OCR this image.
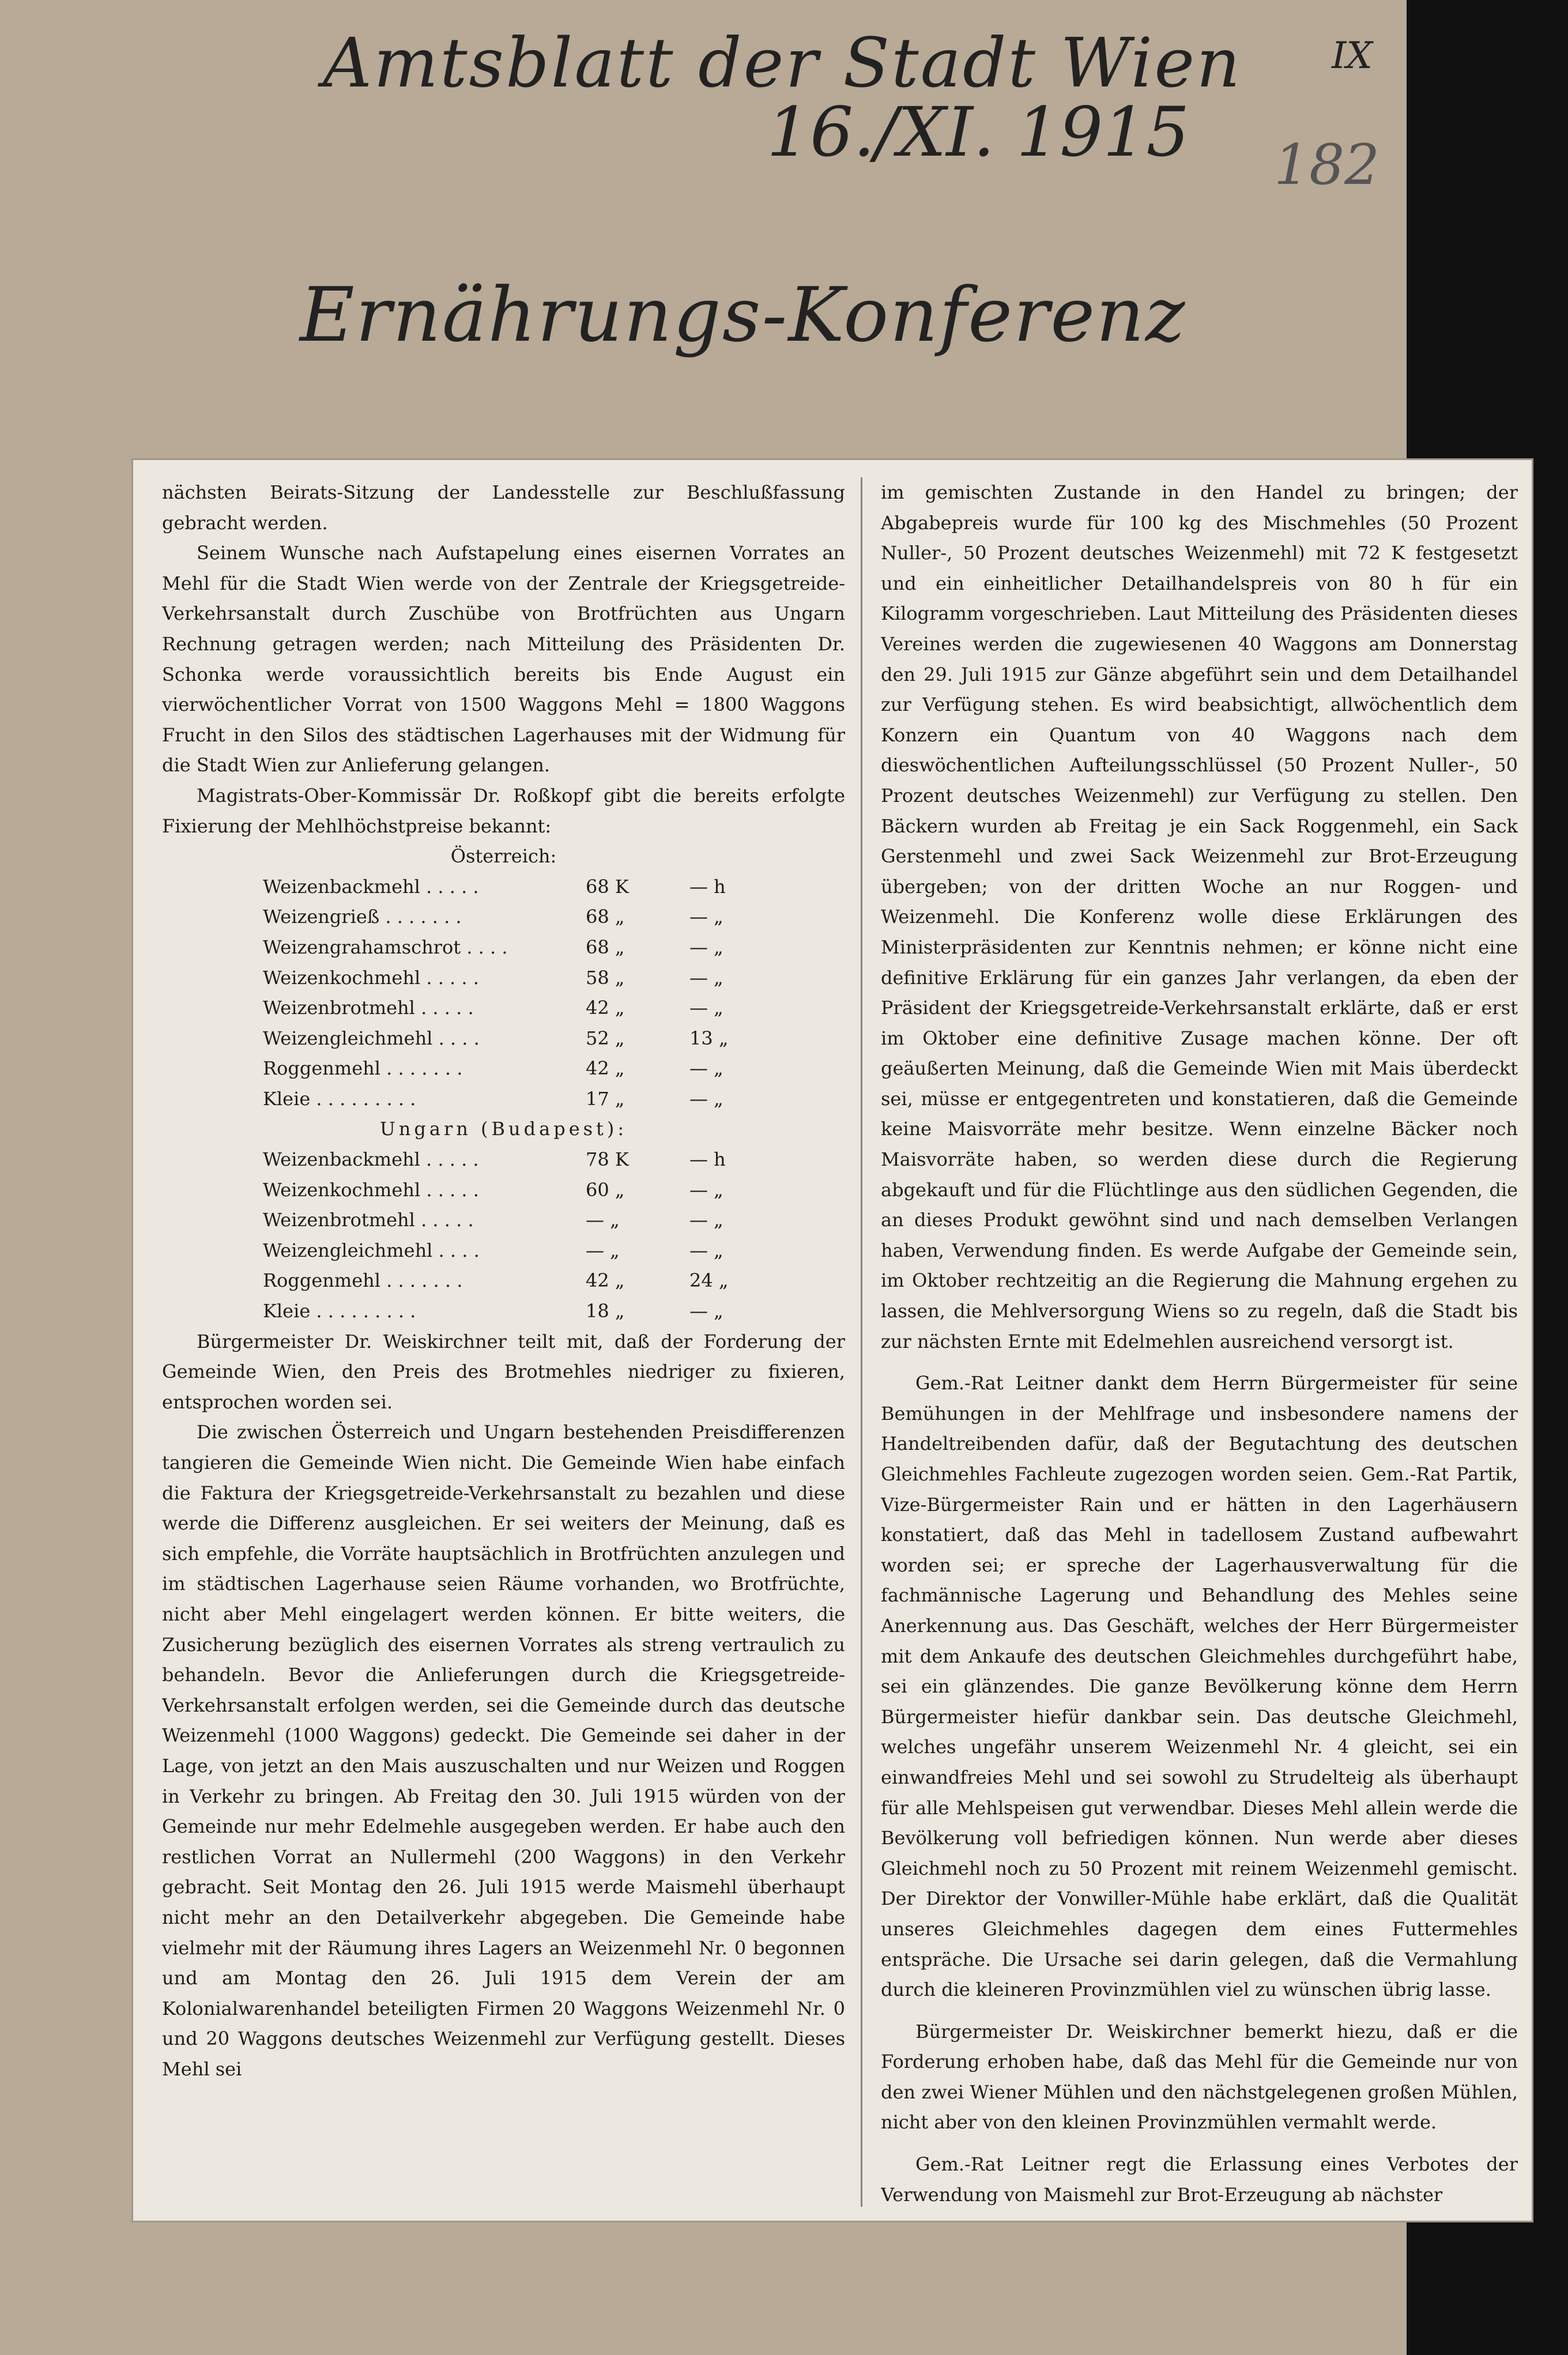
Amtsblatt der Stadt Wien
16./XI. 1915
IX
182
Ernährungs-Konferenz

nächsten Beirats-Sitzung der Landesstelle zur Beschlußfassung gebracht werden.

Seinem Wunsche nach Aufstapelung eines eisernen Vorrates an Mehl für die Stadt Wien werde von der Zentrale der Kriegsgetreide-Verkehrsanstalt durch Zuschübe von Brotfrüchten aus Ungarn Rechnung getragen werden; nach Mitteilung des Präsidenten Dr. Schonka werde voraussichtlich bereits bis Ende August ein vierwöchentlicher Vorrat von 1500 Waggons Mehl = 1800 Waggons Frucht in den Silos des städtischen Lagerhauses mit der Widmung für die Stadt Wien zur Anlieferung gelangen.

Magistrats-Ober-Kommissär Dr. Roßkopf gibt die bereits erfolgte Fixierung der Mehlhöchstpreise bekannt:

Österreich:

Weizenbackmehl . . . . .	68 K	— h
Weizengrieß . . . . . . .	68 „	— „
Weizengrahamschrot . . . .	68 „	— „
Weizenkochmehl . . . . .	58 „	— „
Weizenbrotmehl . . . . .	42 „	— „
Weizengleichmehl . . . .	52 „	13 „
Roggenmehl . . . . . . .	42 „	— „
Kleie . . . . . . . . .	17 „	— „

Ungarn (Budapest):

Weizenbackmehl . . . . .	78 K	— h
Weizenkochmehl . . . . .	60 „	— „
Weizenbrotmehl . . . . .	— „	— „
Weizengleichmehl . . . .	— „	— „
Roggenmehl . . . . . . .	42 „	24 „
Kleie . . . . . . . . .	18 „	— „

Bürgermeister Dr. Weiskirchner teilt mit, daß der Forderung der Gemeinde Wien, den Preis des Brotmehles niedriger zu fixieren, entsprochen worden sei.

Die zwischen Österreich und Ungarn bestehenden Preisdifferenzen tangieren die Gemeinde Wien nicht. Die Gemeinde Wien habe einfach die Faktura der Kriegsgetreide-Verkehrsanstalt zu bezahlen und diese werde die Differenz ausgleichen. Er sei weiters der Meinung, daß es sich empfehle, die Vorräte hauptsächlich in Brotfrüchten anzulegen und im städtischen Lagerhause seien Räume vorhanden, wo Brotfrüchte, nicht aber Mehl eingelagert werden können. Er bitte weiters, die Zusicherung bezüglich des eisernen Vorrates als streng vertraulich zu behandeln. Bevor die Anlieferungen durch die Kriegsgetreide-Verkehrsanstalt erfolgen werden, sei die Gemeinde durch das deutsche Weizenmehl (1000 Waggons) gedeckt. Die Gemeinde sei daher in der Lage, von jetzt an den Mais auszuschalten und nur Weizen und Roggen in Verkehr zu bringen. Ab Freitag den 30. Juli 1915 würden von der Gemeinde nur mehr Edelmehle ausgegeben werden. Er habe auch den restlichen Vorrat an Nullermehl (200 Waggons) in den Verkehr gebracht. Seit Montag den 26. Juli 1915 werde Maismehl überhaupt nicht mehr an den Detailverkehr abgegeben. Die Gemeinde habe vielmehr mit der Räumung ihres Lagers an Weizenmehl Nr. 0 begonnen und am Montag den 26. Juli 1915 dem Verein der am Kolonialwarenhandel beteiligten Firmen 20 Waggons Weizenmehl Nr. 0 und 20 Waggons deutsches Weizenmehl zur Verfügung gestellt. Dieses Mehl sei

im gemischten Zustande in den Handel zu bringen; der Abgabepreis wurde für 100 kg des Mischmehles (50 Prozent Nuller-, 50 Prozent deutsches Weizenmehl) mit 72 K festgesetzt und ein einheitlicher Detailhandelspreis von 80 h für ein Kilogramm vorgeschrieben. Laut Mitteilung des Präsidenten dieses Vereines werden die zugewiesenen 40 Waggons am Donnerstag den 29. Juli 1915 zur Gänze abgeführt sein und dem Detailhandel zur Verfügung stehen. Es wird beabsichtigt, allwöchentlich dem Konzern ein Quantum von 40 Waggons nach dem dieswöchentlichen Aufteilungsschlüssel (50 Prozent Nuller-, 50 Prozent deutsches Weizenmehl) zur Verfügung zu stellen. Den Bäckern wurden ab Freitag je ein Sack Roggenmehl, ein Sack Gerstenmehl und zwei Sack Weizenmehl zur Brot-Erzeugung übergeben; von der dritten Woche an nur Roggen- und Weizenmehl. Die Konferenz wolle diese Erklärungen des Ministerpräsidenten zur Kenntnis nehmen; er könne nicht eine definitive Erklärung für ein ganzes Jahr verlangen, da eben der Präsident der Kriegsgetreide-Verkehrsanstalt erklärte, daß er erst im Oktober eine definitive Zusage machen könne. Der oft geäußerten Meinung, daß die Gemeinde Wien mit Mais überdeckt sei, müsse er entgegentreten und konstatieren, daß die Gemeinde keine Maisvorräte mehr besitze. Wenn einzelne Bäcker noch Maisvorräte haben, so werden diese durch die Regierung abgekauft und für die Flüchtlinge aus den südlichen Gegenden, die an dieses Produkt gewöhnt sind und nach demselben Verlangen haben, Verwendung finden. Es werde Aufgabe der Gemeinde sein, im Oktober rechtzeitig an die Regierung die Mahnung ergehen zu lassen, die Mehlversorgung Wiens so zu regeln, daß die Stadt bis zur nächsten Ernte mit Edelmehlen ausreichend versorgt ist.

Gem.-Rat Leitner dankt dem Herrn Bürgermeister für seine Bemühungen in der Mehlfrage und insbesondere namens der Handeltreibenden dafür, daß der Begutachtung des deutschen Gleichmehles Fachleute zugezogen worden seien. Gem.-Rat Partik, Vize-Bürgermeister Rain und er hätten in den Lagerhäusern konstatiert, daß das Mehl in tadellosem Zustand aufbewahrt worden sei; er spreche der Lagerhausverwaltung für die fachmännische Lagerung und Behandlung des Mehles seine Anerkennung aus. Das Geschäft, welches der Herr Bürgermeister mit dem Ankaufe des deutschen Gleichmehles durchgeführt habe, sei ein glänzendes. Die ganze Bevölkerung könne dem Herrn Bürgermeister hiefür dankbar sein. Das deutsche Gleichmehl, welches ungefähr unserem Weizenmehl Nr. 4 gleicht, sei ein einwandfreies Mehl und sei sowohl zu Strudelteig als überhaupt für alle Mehlspeisen gut verwendbar. Dieses Mehl allein werde die Bevölkerung voll befriedigen können. Nun werde aber dieses Gleichmehl noch zu 50 Prozent mit reinem Weizenmehl gemischt. Der Direktor der Vonwiller-Mühle habe erklärt, daß die Qualität unseres Gleichmehles dagegen dem eines Futtermehles entspräche. Die Ursache sei darin gelegen, daß die Vermahlung durch die kleineren Provinzmühlen viel zu wünschen übrig lasse.

Bürgermeister Dr. Weiskirchner bemerkt hiezu, daß er die Forderung erhoben habe, daß das Mehl für die Gemeinde nur von den zwei Wiener Mühlen und den nächstgelegenen großen Mühlen, nicht aber von den kleinen Provinzmühlen vermahlt werde.

Gem.-Rat Leitner regt die Erlassung eines Verbotes der Verwendung von Maismehl zur Brot-Erzeugung ab nächster
